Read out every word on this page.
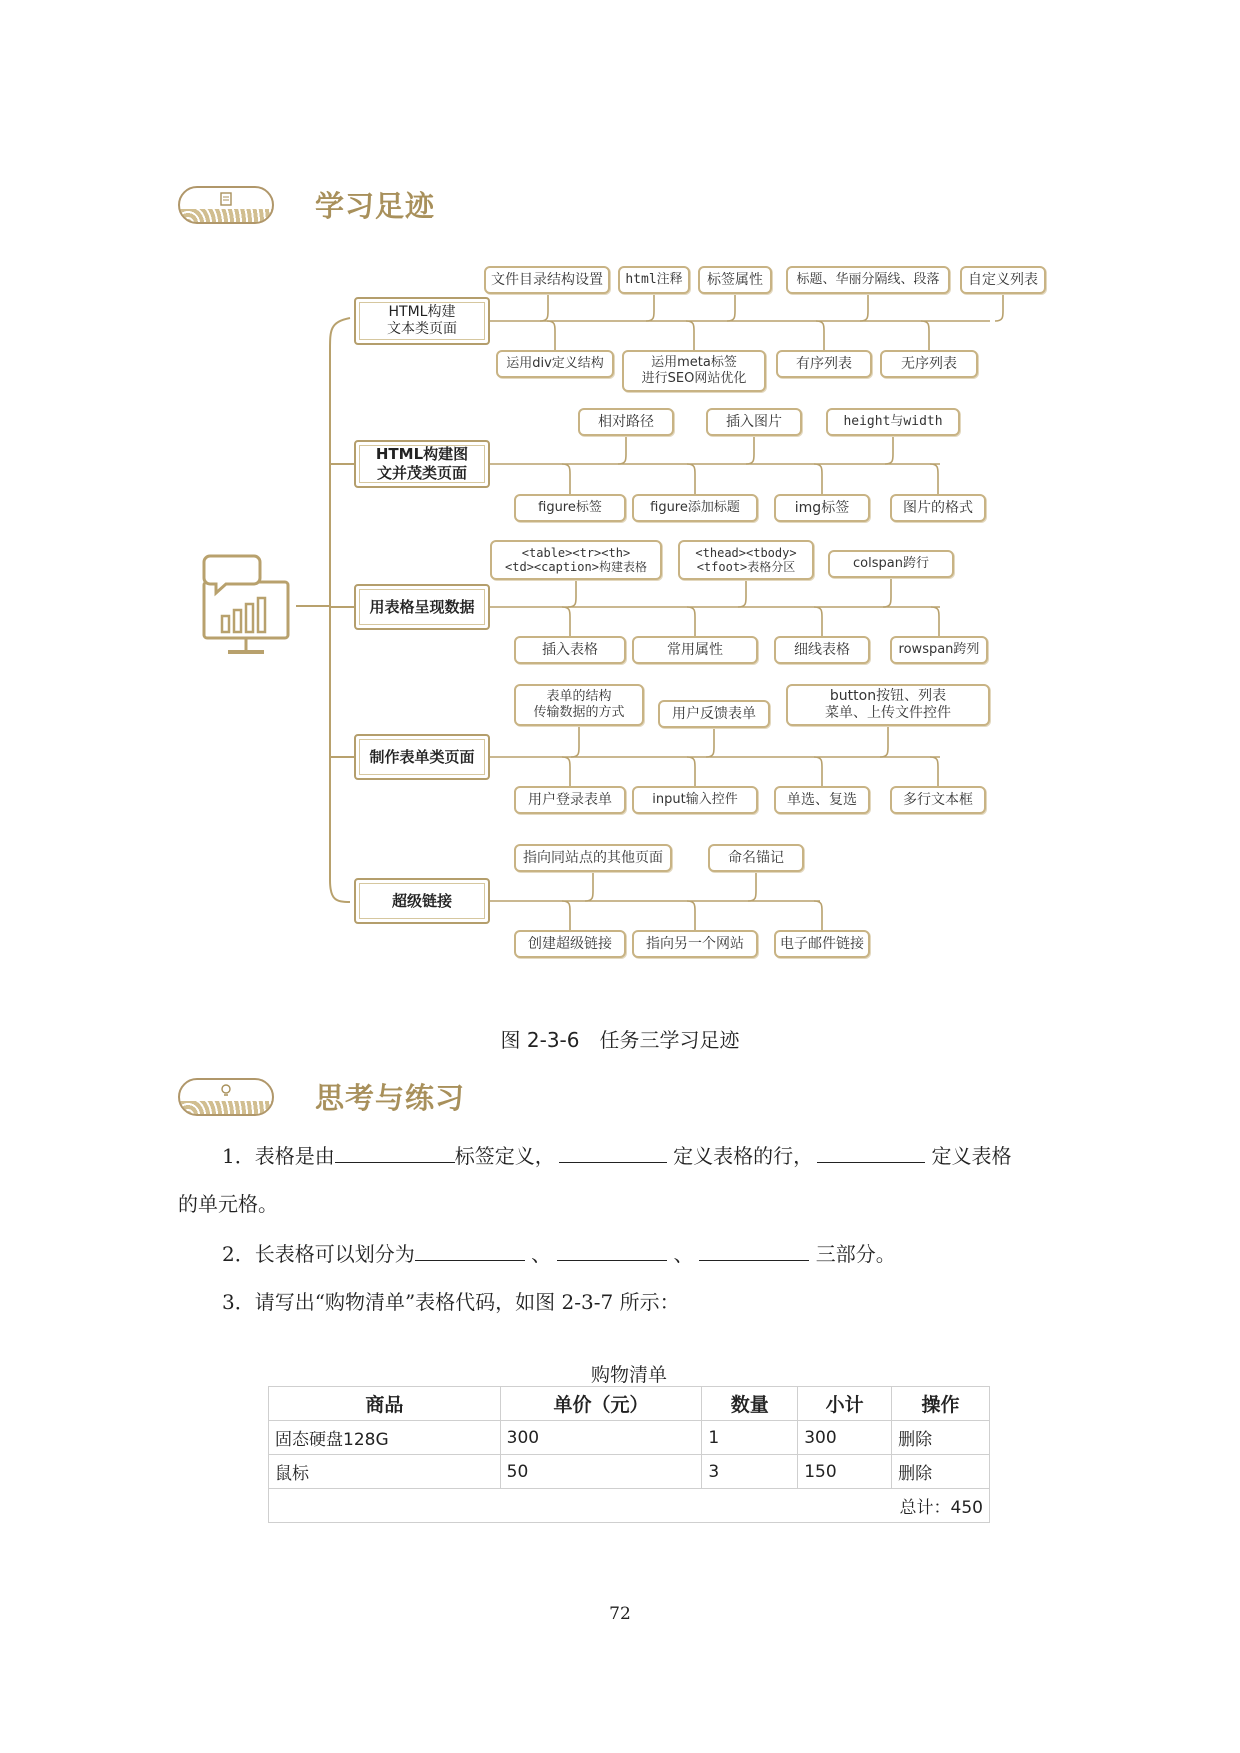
学习足迹
HTML构建
文本类页面
文件目录结构设置	html注释	标签属性	标题、华丽分隔线、段落	自定义列表
运用div定义结构	运用meta标签
进行SEO网站优化
有序列表	无序列表
HTML构建图
文并茂类页面
相对路径	插入图片	height与width
figure标签	figure添加标题	img标签	图片的格式
用表格呈现数据
<table><tr><th>
<td><caption>构建表格
<thead><tbody>
<tfoot>表格分区	colspan跨行
插入表格	常用属性	细线表格	rowspan跨列
制作表单类页面
表单的结构
传输数据的方式	用户反馈表单
button按钮、列表
菜单、上传文件控件
用户登录表单	input输入控件	单选、复选	多行文本框
超级链接
指向同站点的其他页面	命名锚记
创建超级链接	指向另一个网站	电子邮件链接
图 2-3-6　任务三学习足迹
思考与练习
1．表格是由	标签定义，	定义表格的行，	定义表格
的单元格。
2．长表格可以划分为	、	、	三部分。
3．请写出“购物清单”表格代码，如图 2-3-7 所示：
购物清单
商品	单价（元）	数量	小计	操作
固态硬盘128G	300	1	300	删除
鼠标	50	3	150	删除
总计：450				
72
